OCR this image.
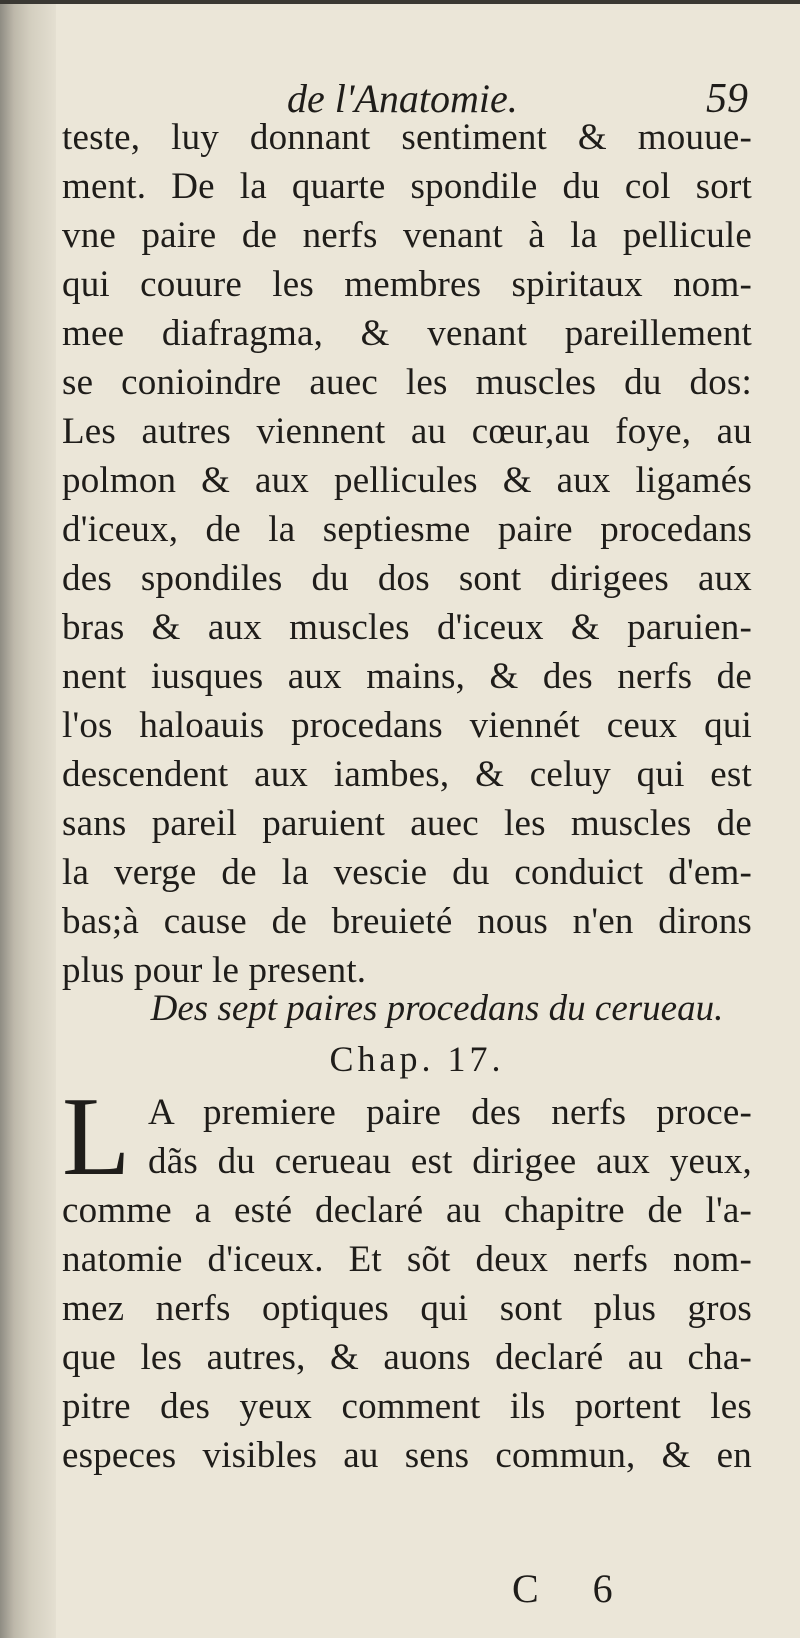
de l'Anatomie.	59
teste, luy donnant sentiment & mouue-
ment. De la quarte spondile du col sort
vne paire de nerfs venant à la pellicule
qui couure les membres spiritaux nom-
mee diafragma, & venant pareillement
se conioindre auec les muscles du dos:
Les autres viennent au cœur,au foye, au
polmon & aux pellicules & aux ligamés
d'iceux, de la septiesme paire procedans
des spondiles du dos sont dirigees aux
bras & aux muscles d'iceux & paruien-
nent iusques aux mains, & des nerfs de
l'os haloauis procedans viennét ceux qui
descendent aux iambes, & celuy qui est
sans pareil paruient auec les muscles de
la verge de la vescie du conduict d'em-
bas;à cause de breuieté nous n'en dirons
plus pour le present.
Des sept paires procedans du cerueau.
Chap. 17.
L A premiere paire des nerfs proce-
dãs du cerueau est dirigee aux yeux,
comme a esté declaré au chapitre de l'a-
natomie d'iceux. Et sõt deux nerfs nom-
mez nerfs optiques qui sont plus gros
que les autres, & auons declaré au cha-
pitre des yeux comment ils portent les
especes visibles au sens commun, & en
C 6
